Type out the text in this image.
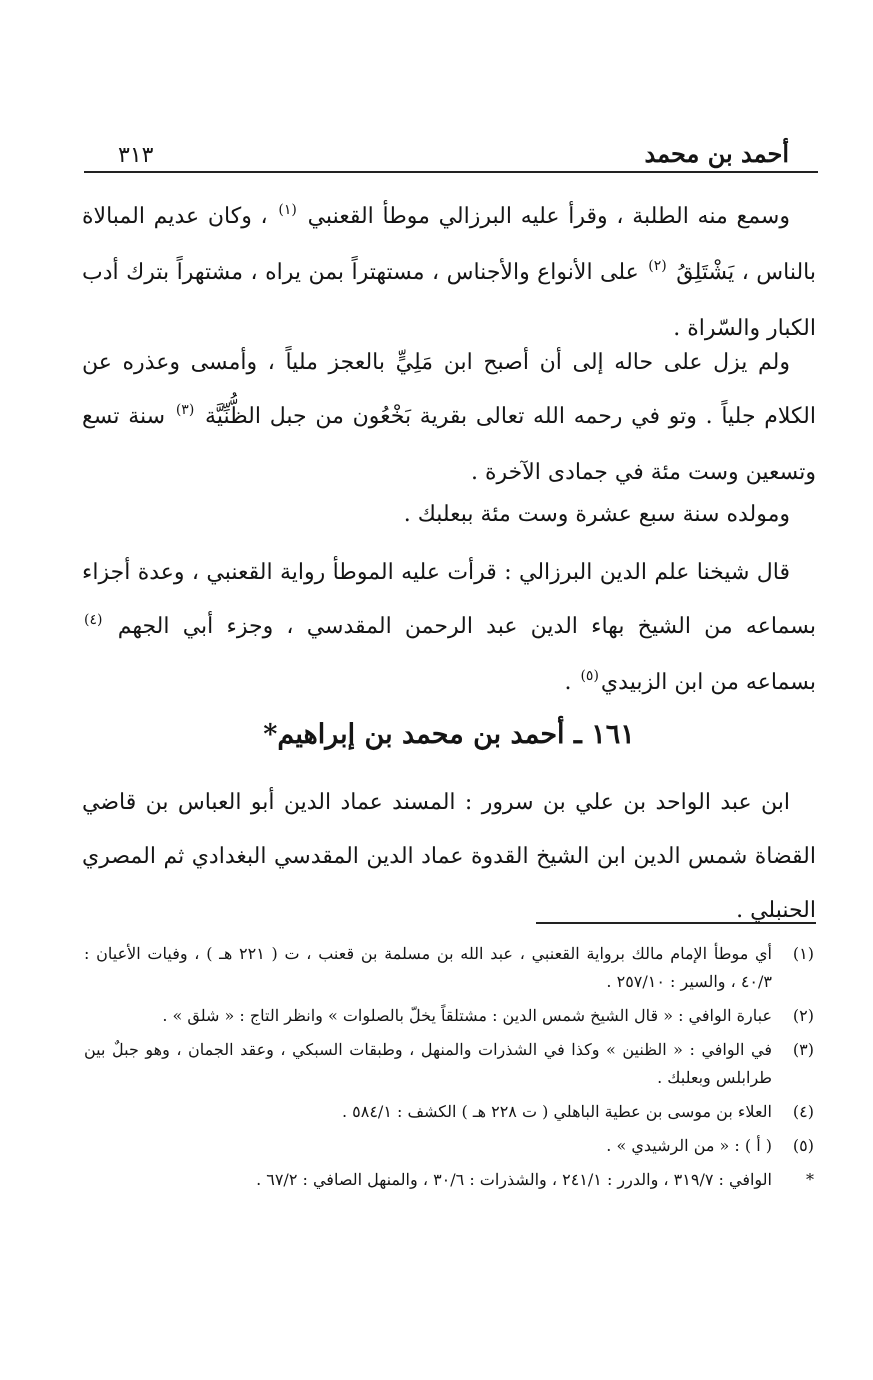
أحمد بن محمد
٣١٣

وسمع منه الطلبة ، وقرأ عليه البرزالي موطأ القعنبي $^{(١)}$ ، وكان عديم المبالاة بالناس ، يَشْتَلِقُ $^{(٢)}$ على الأنواع والأجناس ، مستهتراً بمن يراه ، مشتهراً بترك أدب الكبار والسّراة .

ولم يزل على حاله إلى أن أصبح ابن مَلِيٍّ بالعجز ملياً ، وأمسى وعذره عن الكلام جلياً . وتو في رحمه الله تعالى بقرية بَخْعُون من جبل الظُّنِّيَّة $^{(٣)}$ سنة تسع وتسعين وست مئة في جمادى الآخرة .

ومولده سنة سبع عشرة وست مئة ببعلبك .

قال شيخنا علم الدين البرزالي : قرأت عليه الموطأ رواية القعنبي ، وعدة أجزاء بسماعه من الشيخ بهاء الدين عبد الرحمن المقدسي ، وجزء أبي الجهم $^{(٤)}$ بسماعه من ابن الزبيدي$^{(٥)}$ .

١٦١ ـ أحمد بن محمد بن إبراهيم*

ابن عبد الواحد بن علي بن سرور : المسند عماد الدين أبو العباس بن قاضي القضاة شمس الدين ابن الشيخ القدوة عماد الدين المقدسي البغدادي ثم المصري الحنبلي .

(١)
أي موطأ الإمام مالك برواية القعنبي ، عبد الله بن مسلمة بن قعنب ، ت ( ٢٢١ هـ ) ، وفيات الأعيان : ٤٠/٣ ، والسير : ٢٥٧/١٠ .
(٢)
عبارة الوافي : « قال الشيخ شمس الدين : مشتلقاً يخلّ بالصلوات » وانظر التاج : « شلق » .
(٣)
في الوافي : « الظنين » وكذا في الشذرات والمنهل ، وطبقات السبكي ، وعقد الجمان ، وهو جبلٌ بين طرابلس وبعلبك .
(٤)
العلاء بن موسى بن عطية الباهلي ( ت ٢٢٨ هـ ) الكشف : ٥٨٤/١ .
(٥)
( أ ) : « من الرشيدي » .
*
الوافي : ٣١٩/٧ ، والدرر : ٢٤١/١ ، والشذرات : ٣٠/٦ ، والمنهل الصافي : ٦٧/٢ .
